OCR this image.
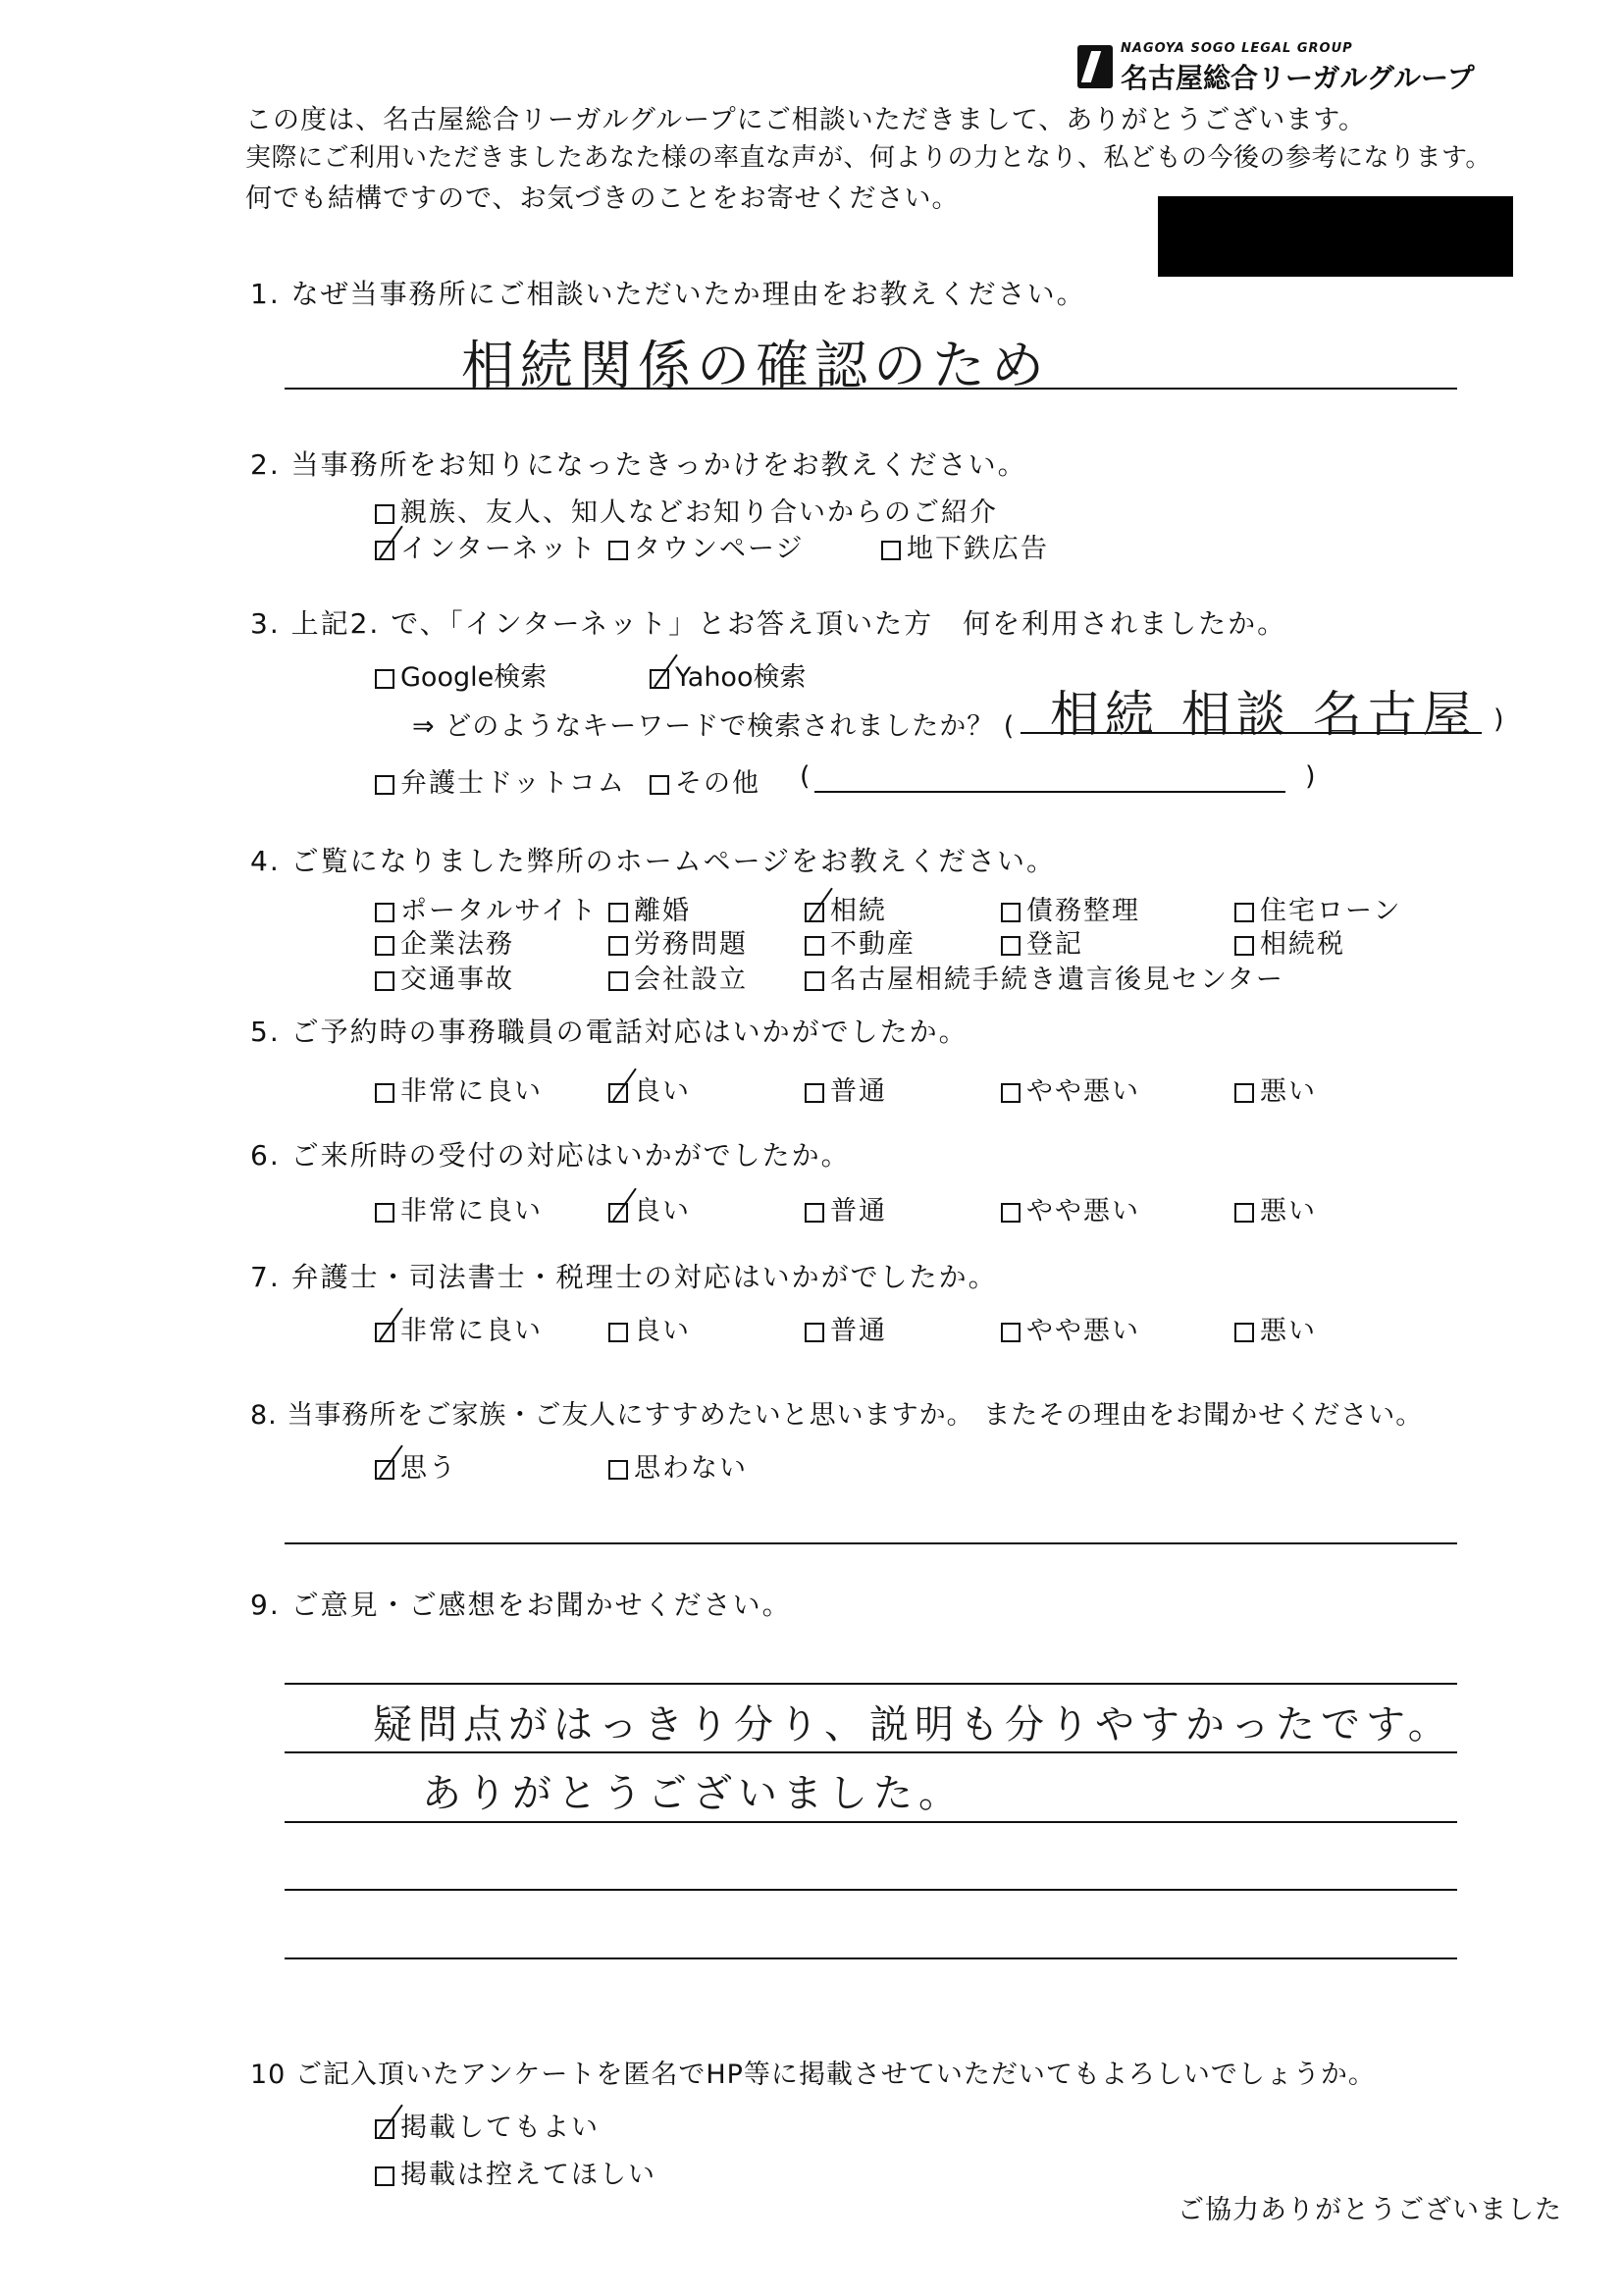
NAGOYA SOGO LEGAL GROUP
名古屋総合リーガルグループ
この度は、名古屋総合リーガルグループにご相談いただきまして、ありがとうございます。
実際にご利用いただきましたあなた様の率直な声が、何よりの力となり、私どもの今後の参考になります。
何でも結構ですので、お気づきのことをお寄せください。
1. なぜ当事務所にご相談いただいたか理由をお教えください。
相続関係の確認のため
2. 当事務所をお知りになったきっかけをお教えください。
親族、友人、知人などお知り合いからのご紹介
インターネット	タウンページ	地下鉄広告
3. 上記2. で、「インターネット」とお答え頂いた方　何を利用されましたか。
Google検索	Yahoo検索
⇒ どのようなキーワードで検索されましたか？ ( 相続 相談 名古屋 )
弁護士ドットコム	その他 (	)
4. ご覧になりました弊所のホームページをお教えください。
ポータルサイト	離婚	相続	債務整理	住宅ローン
企業法務	労務問題	不動産	登記	相続税
交通事故	会社設立	名古屋相続手続き遺言後見センター
5. ご予約時の事務職員の電話対応はいかがでしたか。
非常に良い	良い	普通	やや悪い	悪い
6. ご来所時の受付の対応はいかがでしたか。
非常に良い	良い	普通	やや悪い	悪い
7. 弁護士・司法書士・税理士の対応はいかがでしたか。
非常に良い	良い	普通	やや悪い	悪い
8. 当事務所をご家族・ご友人にすすめたいと思いますか。 またその理由をお聞かせください。
思う	思わない
9. ご意見・ご感想をお聞かせください。
疑問点がはっきり分り、説明も分りやすかったです。
ありがとうございました。
10 ご記入頂いたアンケートを匿名でHP等に掲載させていただいてもよろしいでしょうか。
掲載してもよい
掲載は控えてほしい
ご協力ありがとうございました
